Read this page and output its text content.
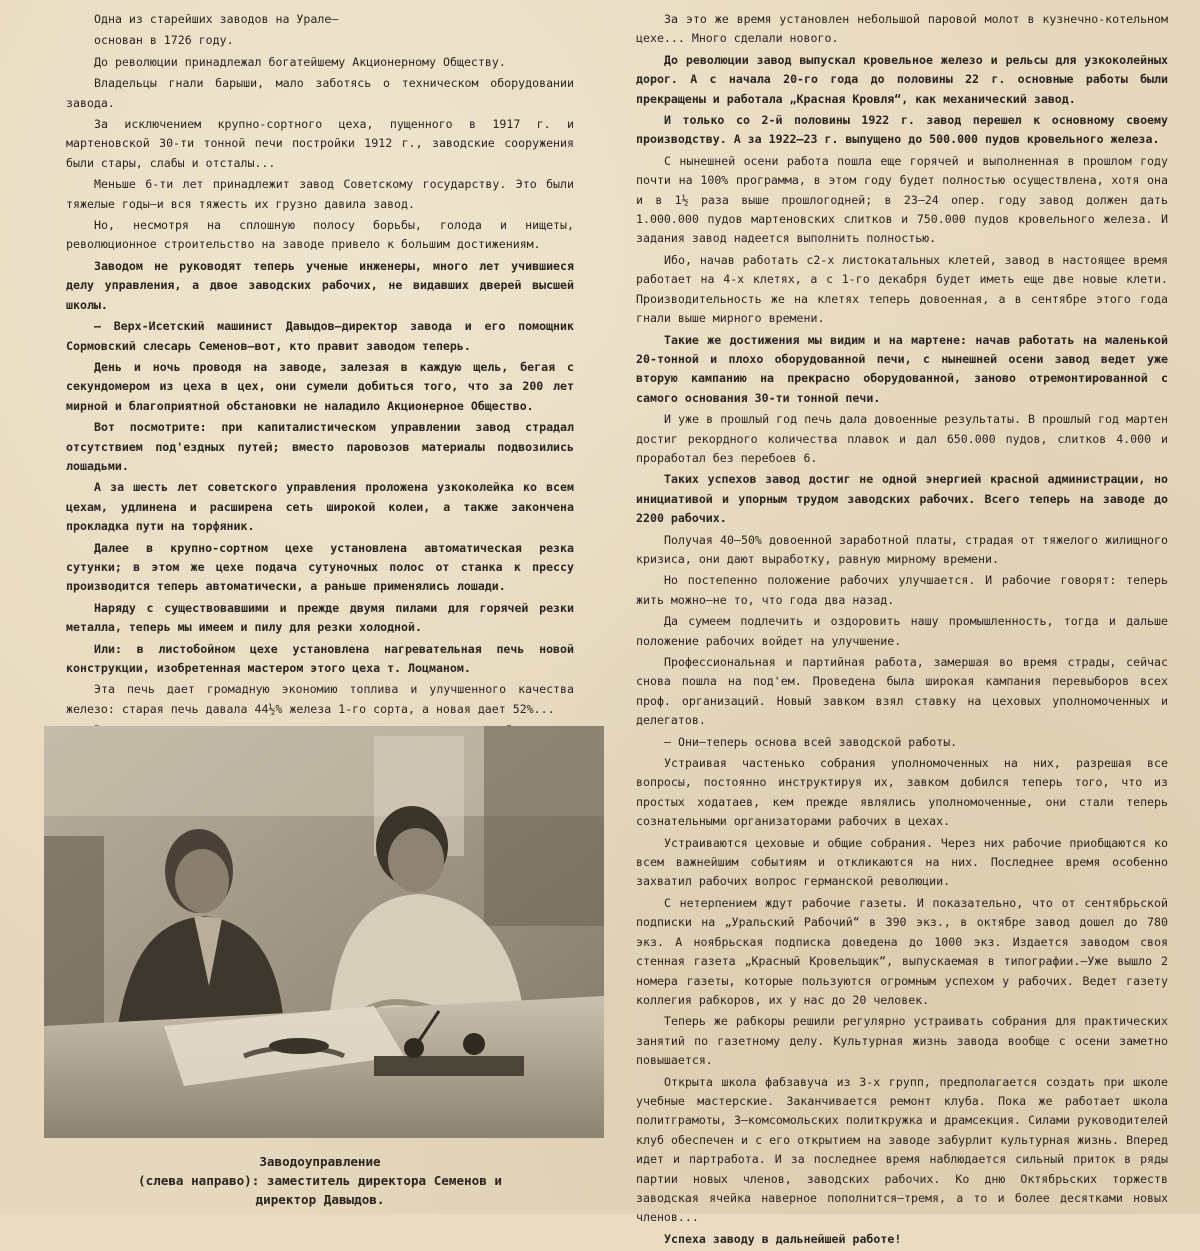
Одна из старейших заводов на Урале—

основан в 1726 году.

До революции принадлежал богатейшему Акционерному Обществу.

Владельцы гнали барыши, мало заботясь о техническом оборудовании завода.

За исключением крупно-сортного цеха, пущенного в 1917 г. и мартеновской 30-ти тонной печи постройки 1912 г., заводские сооружения были стары, слабы и отсталы...

Меньше 6-ти лет принадлежит завод Советскому государству. Это были тяжелые годы—и вся тяжесть их грузно давила завод.

Но, несмотря на сплошную полосу борьбы, голода и нищеты, революционное строительство на заводе привело к большим достижениям.

Заводом не руководят теперь ученые инженеры, много лет учившиеся делу управления, а двое заводских рабочих, не видавших дверей высшей школы.

— Верх-Исетский машинист Давыдов—директор завода и его помощник Сормовский слесарь Семенов—вот, кто правит заводом теперь.

День и ночь проводя на заводе, залезая в каждую щель, бегая с секундомером из цеха в цех, они сумели добиться того, что за 200 лет мирной и благоприятной обстановки не наладило Акционерное Общество.

Вот посмотрите: при капиталистическом управлении завод страдал отсутствием под'ездных путей; вместо паровозов материалы подвозились лошадьми.

А за шесть лет советского управления проложена узкоколейка ко всем цехам, удлинена и расширена сеть широкой колеи, а также закончена прокладка пути на торфяник.

Далее в крупно-сортном цехе установлена автоматическая резка сутунки; в этом же цехе подача сутуночных полос от станка к прессу производится теперь автоматически, а раньше применялись лошади.

Наряду с существовавшими и прежде двумя пилами для горячей резки металла, теперь мы имеем и пилу для резки холодной.

Или: в листобойном цехе установлена нагревательная печь новой конструкции, изобретенная мастером этого цеха т. Лоцманом.

Эта печь дает громадную экономию топлива и улучшенного качества железо: старая печь давала 44½% железа 1-го сорта, а новая дает 52%...

За это же время установлен небольшой паровой молот в кузнечно-котельном цехе... Много сделали нового.

До революции завод выпускал кровельное железо и рельсы для узкоколейных дорог. А с начала 20-го года до половины 22 г. основные работы были прекращены и работала „Красная Кровля“, как механический завод.

И только со 2-й половины 1922 г. завод перешел к основному своему производству. А за 1922—23 г. выпущено до 500.000 пудов кровельного железа.

С нынешней осени работа пошла еще горячей и выполненная в прошлом году почти на 100% программа, в этом году будет полностью осуществлена, хотя она и в 1½ раза выше прошлогодней; в 23—24 опер. году завод должен дать 1.000.000 пудов мартеновских слитков и 750.000 пудов кровельного железа. И задания завод надеется выполнить полностью.

Ибо, начав работать с2-х листокатальных клетей, завод в настоящее время работает на 4-х клетях, а с 1-го декабря будет иметь еще две новые клети. Производительность же на клетях теперь довоенная, а в сентябре этого года гнали выше мирного времени.

Такие же достижения мы видим и на мартене: начав работать на маленькой 20-тонной и плохо оборудованной печи, с нынешней осени завод ведет уже вторую кампанию на прекрасно оборудованной, заново отремонтированной с самого основания 30-ти тонной печи.

И уже в прошлый год печь дала довоенные результаты. В прошлый год мартен достиг рекордного количества плавок и дал 650.000 пудов, слитков 4.000 и проработал без перебоев 6.

Таких успехов завод достиг не одной энергией красной администрации, но инициативой и упорным трудом заводских рабочих. Всего теперь на заводе до 2200 рабочих.

Получая 40—50% довоенной заработной платы, страдая от тяжелого жилищного кризиса, они дают выработку, равную мирному времени.

Но постепенно положение рабочих улучшается. И рабочие говорят: теперь жить можно—не то, что года два назад.

Да сумеем подлечить и оздоровить нашу промышленность, тогда и дальше положение рабочих войдет на улучшение.

Профессиональная и партийная работа, замершая во время страды, сейчас снова пошла на под'ем. Проведена была широкая кампания перевыборов всех проф. организаций. Новый завком взял ставку на цеховых уполномоченных и делегатов.

— Они—теперь основа всей заводской работы.

Устраивая частенько собрания уполномоченных на них, разрешая все вопросы, постоянно инструктируя их, завком добился теперь того, что из простых ходатаев, кем прежде являлись уполномоченные, они стали теперь сознательными организаторами рабочих в цехах.

Устраиваются цеховые и общие собрания. Через них рабочие приобщаются ко всем важнейшим событиям и откликаются на них. Последнее время особенно захватил рабочих вопрос германской революции.

С нетерпением ждут рабочие газеты. И показательно, что от сентябрьской подписки на „Уральский Рабочий“ в 390 экз., в октябре завод дошел до 780 экз. А ноябрьская подписка доведена до 1000 экз. Издается заводом своя стенная газета „Красный Кровельщик“, выпускаемая в типографии.—Уже вышло 2 номера газеты, которые пользуются огромным успехом у рабочих. Ведет газету коллегия рабкоров, их у нас до 20 человек.

Теперь же рабкоры решили регулярно устраивать собрания для практических занятий по газетному делу. Культурная жизнь завода вообще с осени заметно повышается.

Открыта школа фабзавуча из 3-х групп, предполагается создать при школе учебные мастерские. Заканчивается ремонт клуба. Пока же работает школа политграмоты, 3—комсомольских политкружка и драмсекция. Силами руководителей клуб обеспечен и с его открытием на заводе забурлит культурная жизнь. Вперед идет и партработа. И за последнее время наблюдается сильный приток в ряды партии новых членов, заводских рабочих. Ко дню Октябрьских торжеств заводская ячейка наверное пополнится—тремя, а то и более десятками новых членов...

Успеха заводу в дальнейшей работе!

Заводоуправление
(слева направо): заместитель директора Семенов и
директор Давыдов.
